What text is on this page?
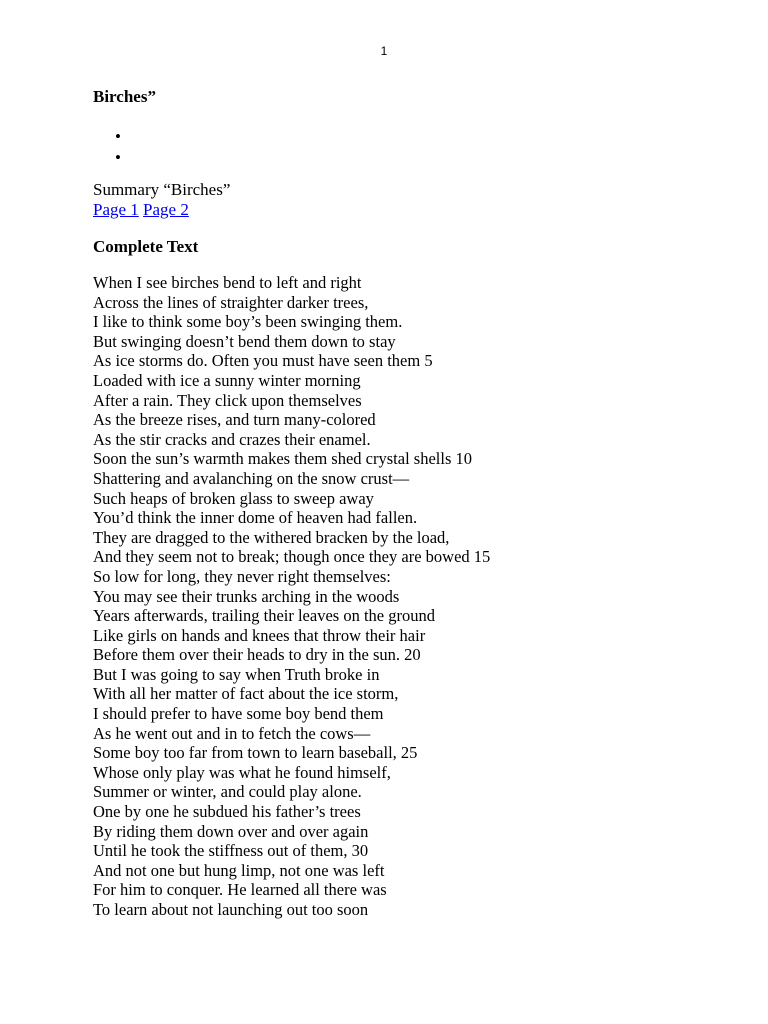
1
Birches”
Summary “Birches”
Page 1 Page 2
Complete Text
When I see birches bend to left and right
Across the lines of straighter darker trees,
I like to think some boy’s been swinging them.
But swinging doesn’t bend them down to stay
As ice storms do. Often you must have seen them 5
Loaded with ice a sunny winter morning
After a rain. They click upon themselves
As the breeze rises, and turn many-colored
As the stir cracks and crazes their enamel.
Soon the sun’s warmth makes them shed crystal shells 10
Shattering and avalanching on the snow crust—
Such heaps of broken glass to sweep away
You’d think the inner dome of heaven had fallen.
They are dragged to the withered bracken by the load,
And they seem not to break; though once they are bowed 15
So low for long, they never right themselves:
You may see their trunks arching in the woods
Years afterwards, trailing their leaves on the ground
Like girls on hands and knees that throw their hair
Before them over their heads to dry in the sun. 20
But I was going to say when Truth broke in
With all her matter of fact about the ice storm,
I should prefer to have some boy bend them
As he went out and in to fetch the cows—
Some boy too far from town to learn baseball, 25
Whose only play was what he found himself,
Summer or winter, and could play alone.
One by one he subdued his father’s trees
By riding them down over and over again
Until he took the stiffness out of them, 30
And not one but hung limp, not one was left
For him to conquer. He learned all there was
To learn about not launching out too soon
